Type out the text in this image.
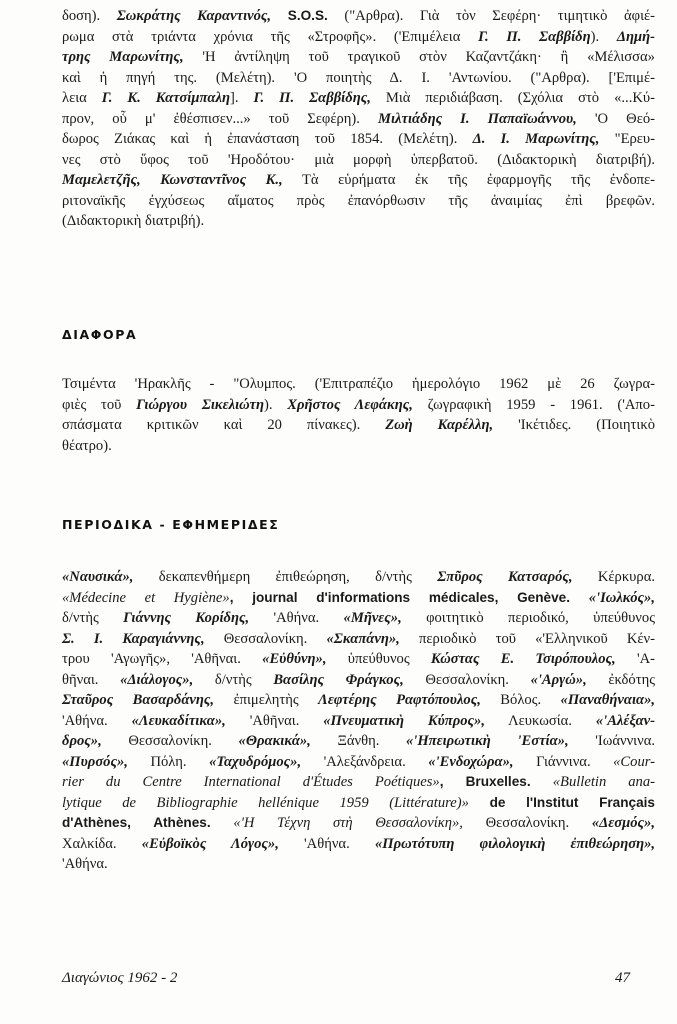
δοση). Σωκράτης Καραντινός, S.O.S. ("Αρθρα). Γιὰ τὸν Σεφέρη· τιμητικὸ ἀφιέ-
ρωμα στὰ τριάντα χρόνια τῆς «Στροφῆς». ('Επιμέλεια Γ. Π. Σαββίδη). Δημή-
τρης Μαρωνίτης, 'Η ἀντίληψη τοῦ τραγικοῦ στὸν Καζαντζάκη· ἢ «Μέλισσα»
καὶ ἡ πηγή της. (Μελέτη). 'Ο ποιητὴς Δ. Ι. 'Αντωνίου. ("Αρθρα). ['Επιμέ-
λεια Γ. Κ. Κατσίμπαλη]. Γ. Π. Σαββίδης, Μιὰ περιδιάβαση. (Σχόλια στὸ «...Κύ-
προν, οὗ μ' ἐθέσπισεν...» τοῦ Σεφέρη). Μιλτιάδης Ι. Παπαϊωάννου, 'Ο Θεό-
δωρος Ζιάκας καὶ ἡ ἐπανάσταση τοῦ 1854. (Μελέτη). Δ. Ι. Μαρωνίτης, "Ερευ-
νες στὸ ὕφος τοῦ 'Ηροδότου· μιὰ μορφὴ ὑπερβατοῦ. (Διδακτορικὴ διατριβή).
Μαμελετζῆς, Κωνσταντῖνος Κ., Τὰ εὑρήματα ἐκ τῆς ἐφαρμογῆς τῆς ἐνδοπε-
ριτοναϊκῆς ἐγχύσεως αἵματος πρὸς ἐπανόρθωσιν τῆς ἀναιμίας ἐπὶ βρεφῶν.
(Διδακτορικὴ διατριβή).
ΔΙΑΦΟΡΑ
Τσιμέντα 'Ηρακλῆς - "Ολυμπος. ('Επιτραπέζιο ἡμερολόγιο 1962 μὲ 26 ζωγρα-
φιὲς τοῦ Γιώργου Σικελιώτη). Χρῆστος Λεφάκης, ζωγραφικὴ 1959 - 1961. ('Απο-
σπάσματα κριτικῶν καὶ 20 πίνακες). Ζωὴ Καρέλλη, 'Ικέτιδες. (Ποιητικὸ
θέατρο).
ΠΕΡΙΟΔΙΚΑ - ΕΦΗΜΕΡΙΔΕΣ
«Ναυσικά», δεκαπενθήμερη ἐπιθεώρηση, δ/ντὴς Σπῦρος Κατσαρός, Κέρκυρα.
«Médecine et Hygiène», journal d'informations médicales, Genève. «'Ιωλκός»,
δ/ντὴς Γιάννης Κορίδης, 'Αθήνα. «Μῆνες», φοιτητικὸ περιοδικό, ὑπεύθυνος
Σ. Ι. Καραγιάννης, Θεσσαλονίκη. «Σκαπάνη», περιοδικὸ τοῦ «'Ελληνικοῦ Κέν-
τρου 'Αγωγῆς», 'Αθῆναι. «Εὐθύνη», ὑπεύθυνος Κώστας Ε. Τσιρόπουλος, 'Α-
θῆναι. «Διάλογος», δ/ντὴς Βασίλης Φράγκος, Θεσσαλονίκη. «'Αργώ», ἐκδότης
Σταῦρος Βασαρδάνης, ἐπιμελητὴς Λεφτέρης Ραφτόπουλος, Βόλος. «Παναθήναια»,
'Αθήνα. «Λευκαδίτικα», 'Αθῆναι. «Πνευματικὴ Κύπρος», Λευκωσία. «'Αλέξαν-
δρος», Θεσσαλονίκη. «Θρακικά», Ξάνθη. «'Ηπειρωτικὴ 'Εστία», 'Ιωάννινα.
«Πυρσός», Πόλη. «Ταχυδρόμος», 'Αλεξάνδρεια. «'Ενδοχώρα», Γιάννινα. «Cour-
rier du Centre International d'Études Poétiques», Bruxelles. «Bulletin ana-
lytique de Bibliographie hellénique 1959 (Littérature)» de l'Institut Français
d'Athènes, Athènes. «'Η Τέχνη στὴ Θεσσαλονίκη», Θεσσαλονίκη. «Δεσμός»,
Χαλκίδα. «Εὐβοϊκὸς Λόγος», 'Αθήνα. «Πρωτότυπη φιλολογικὴ ἐπιθεώρηση»,
'Αθήνα.
Διαγώνιος 1962 - 2	47
